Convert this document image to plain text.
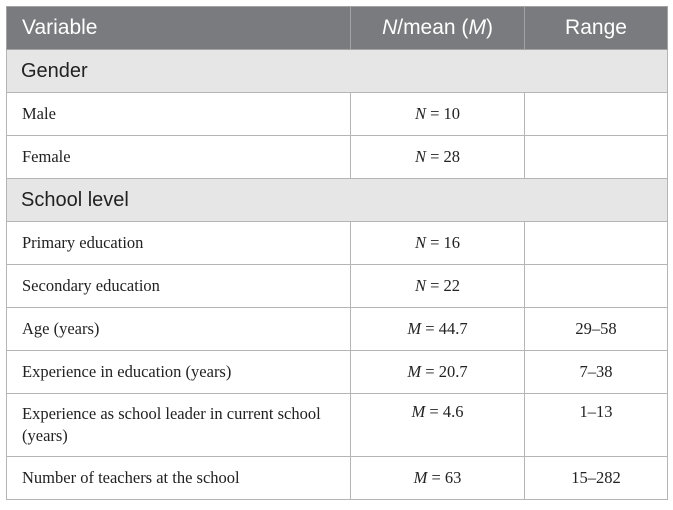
Variable	N/mean (M)	Range
Gender		
Male	N = 10	
Female	N = 28	
School level		
Primary education	N = 16	
Secondary education	N = 22	
Age (years)	M = 44.7	29–58
Experience in education (years)	M = 20.7	7–38
Experience as school leader in current school (years)	M = 4.6	1–13
Number of teachers at the school	M = 63	15–282
